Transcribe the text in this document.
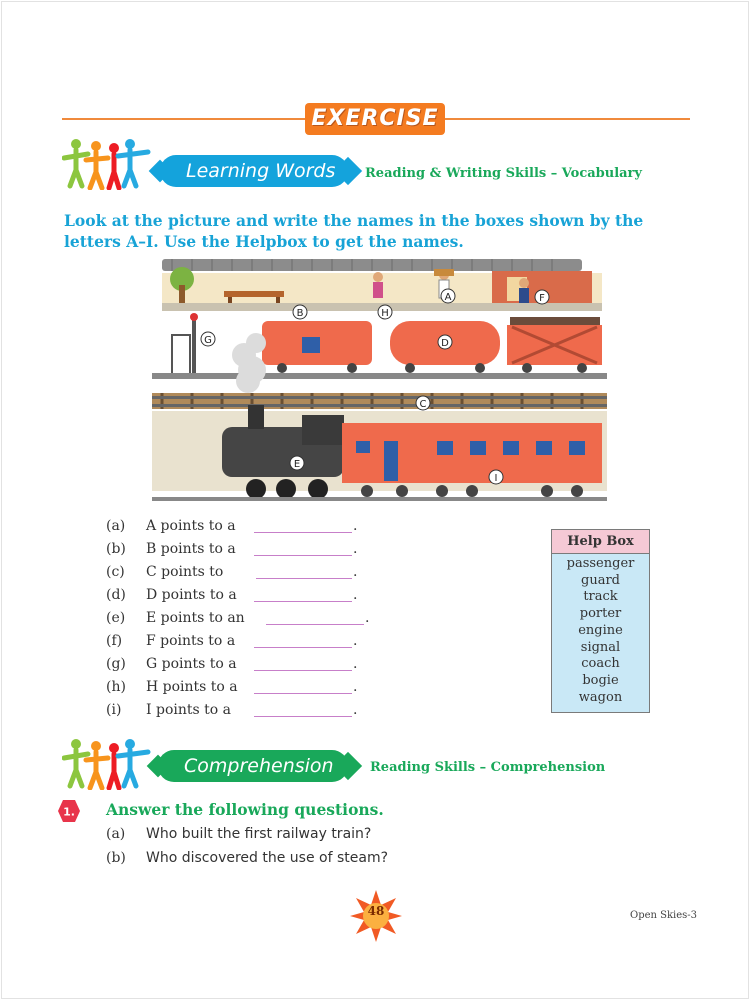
EXERCISE
Learning Words	Reading & Writing Skills – Vocabulary
Look at the picture and write the names in the boxes shown by the letters A–I. Use the Helpbox to get the names.
A
B
C
D
E
F
G
H
I
(a)	A points to a	.
(b)	B points to a	.
(c)	C points to	.
(d)	D points to a	.
(e)	E points to an	.
(f)	F points to a	.
(g)	G points to a	.
(h)	H points to a	.
(i)	I points to a	.
Help Box
passenger
guard
track
porter
engine
signal
coach
bogie
wagon
Comprehension	Reading Skills – Comprehension
1. Answer the following questions.
(a) Who built the first railway train?
(b) Who discovered the use of steam?
48	Open Skies-3
